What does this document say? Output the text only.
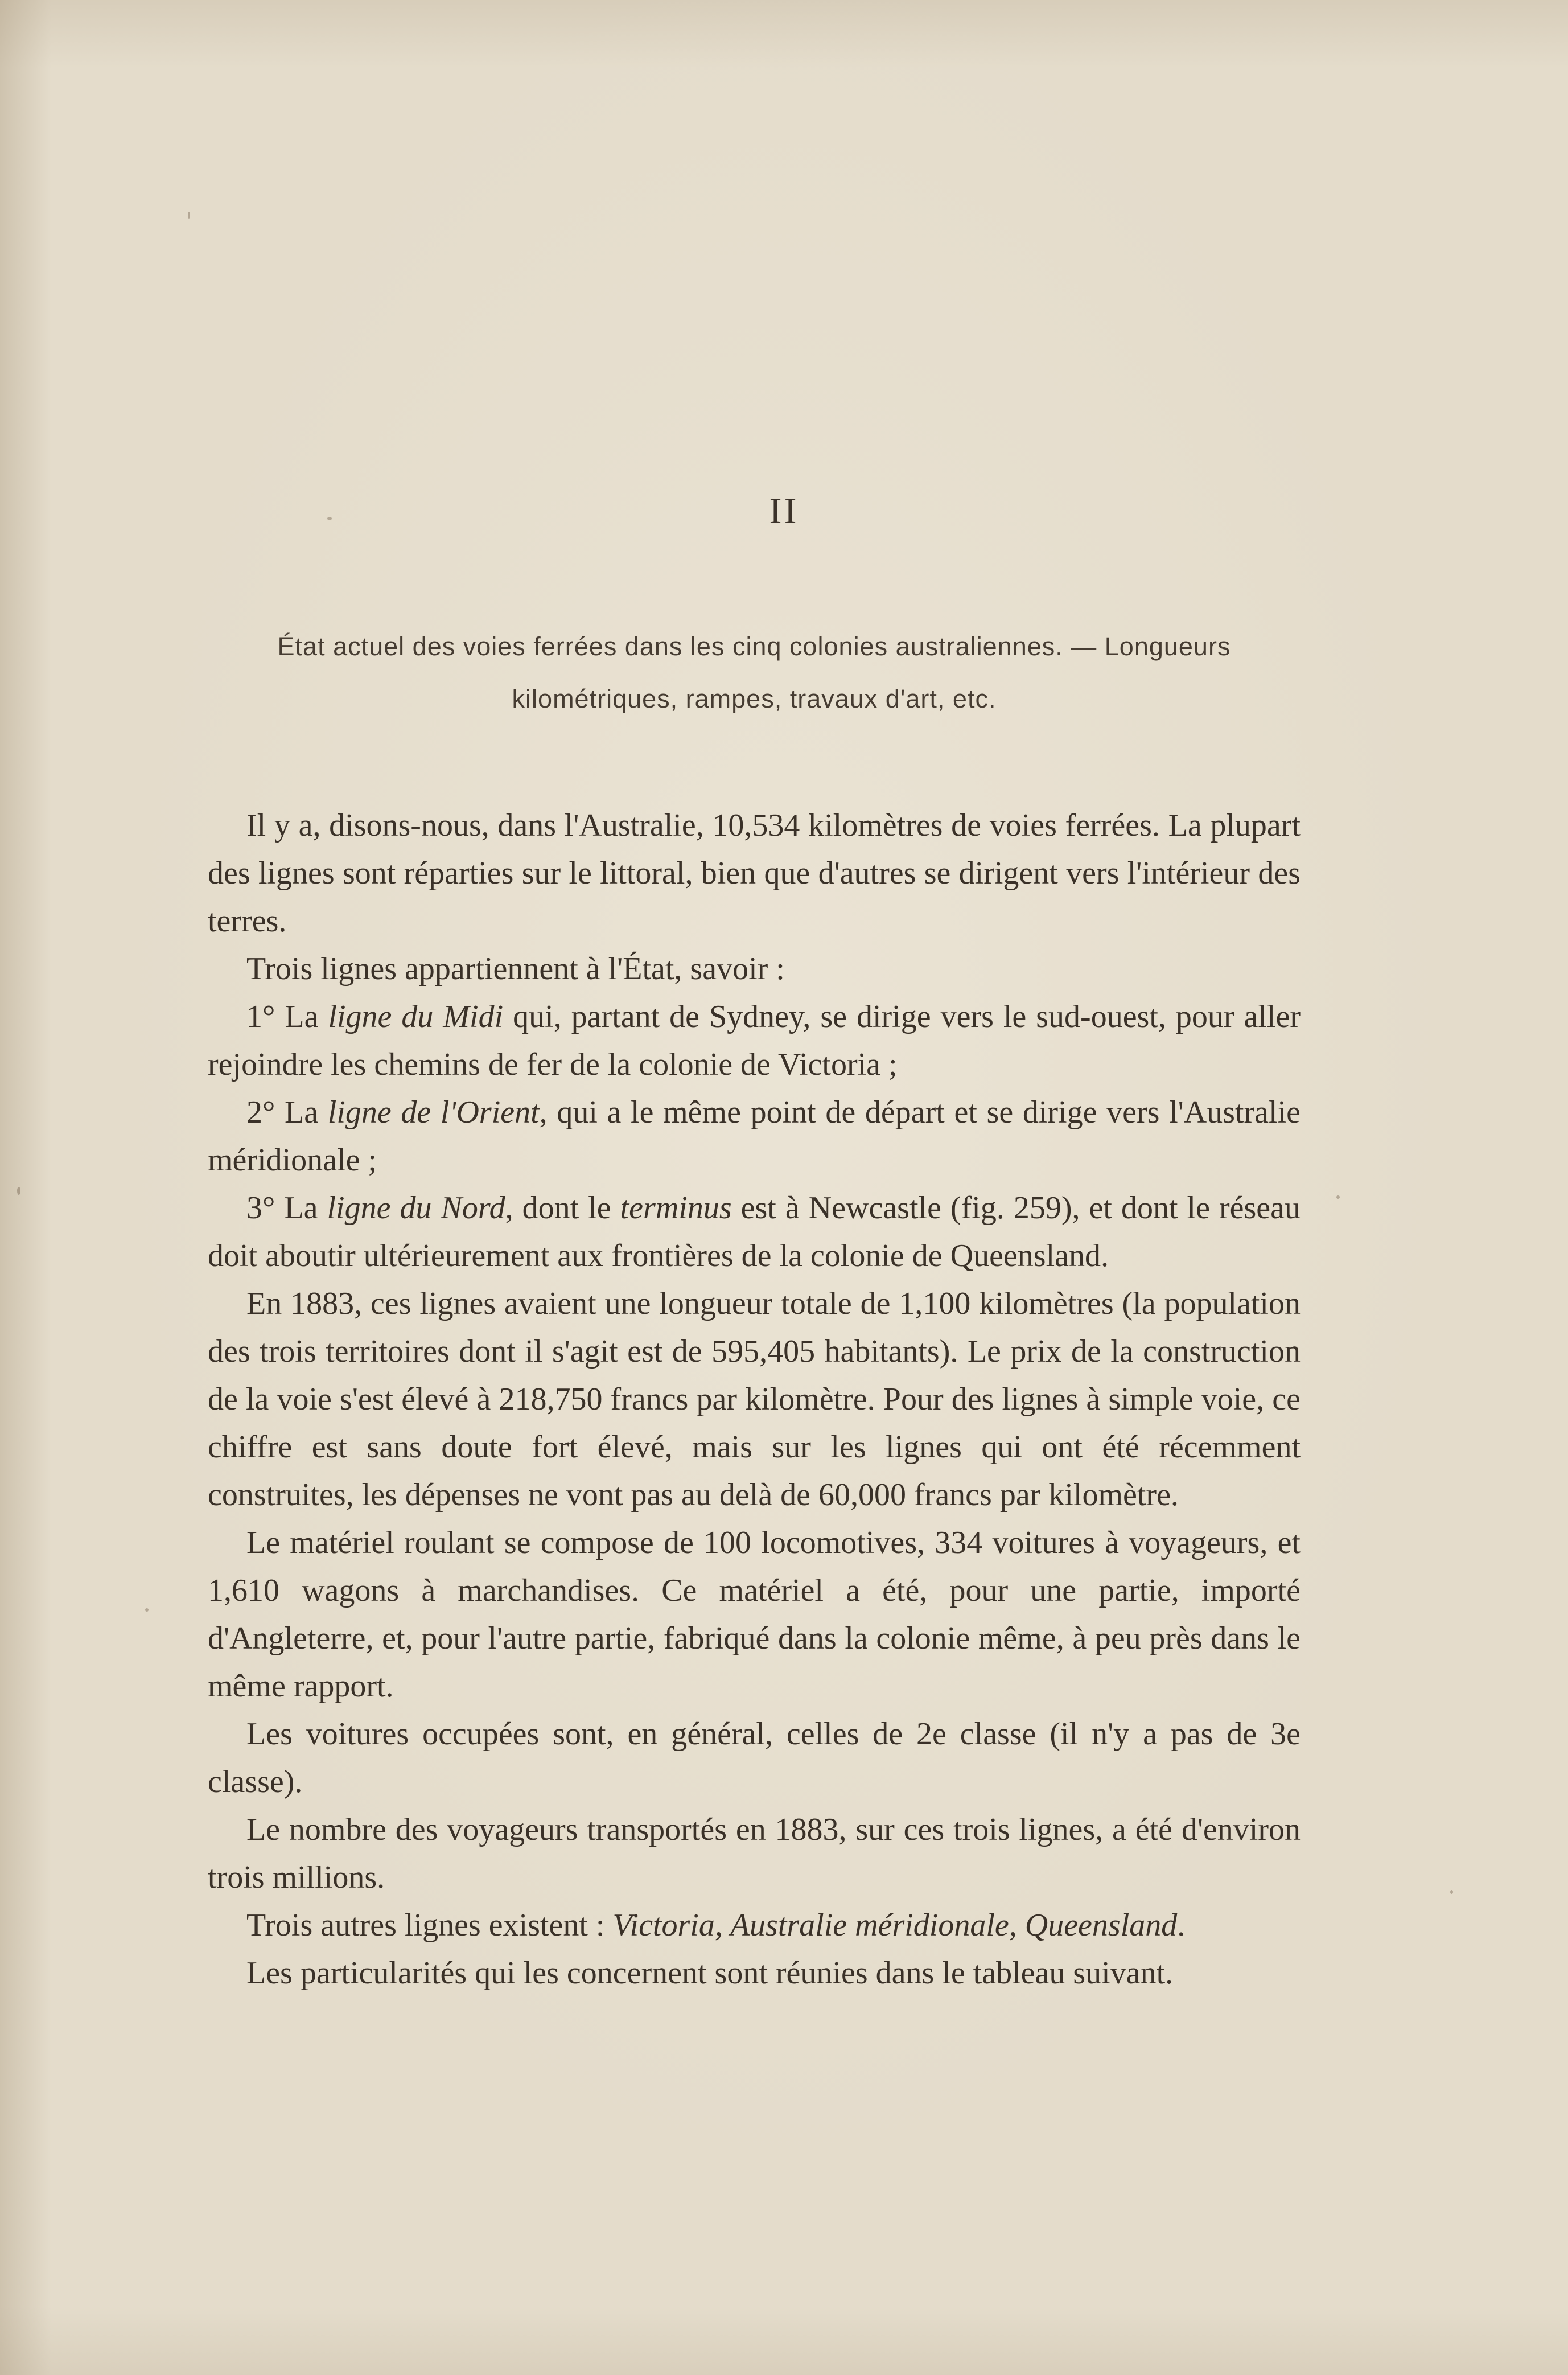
II
État actuel des voies ferrées dans les cinq colonies australiennes. — Longueurs
kilométriques, rampes, travaux d'art, etc.

Il y a, disons-nous, dans l'Australie, 10,534 kilomètres de voies ferrées. La plupart des lignes sont réparties sur le littoral, bien que d'autres se dirigent vers l'intérieur des terres.

Trois lignes appartiennent à l'État, savoir :

1° La ligne du Midi qui, partant de Sydney, se dirige vers le sud-ouest, pour aller rejoindre les chemins de fer de la colonie de Victoria ;

2° La ligne de l'Orient, qui a le même point de départ et se dirige vers l'Australie méridionale ;

3° La ligne du Nord, dont le terminus est à Newcastle (fig. 259), et dont le réseau doit aboutir ultérieurement aux frontières de la colonie de Queensland.

En 1883, ces lignes avaient une longueur totale de 1,100 kilomètres (la population des trois territoires dont il s'agit est de 595,405 habitants). Le prix de la construction de la voie s'est élevé à 218,750 francs par kilomètre. Pour des lignes à simple voie, ce chiffre est sans doute fort élevé, mais sur les lignes qui ont été récemment construites, les dépenses ne vont pas au delà de 60,000 francs par kilomètre.

Le matériel roulant se compose de 100 locomotives, 334 voitures à voyageurs, et 1,610 wagons à marchandises. Ce matériel a été, pour une partie, importé d'Angleterre, et, pour l'autre partie, fabriqué dans la colonie même, à peu près dans le même rapport.

Les voitures occupées sont, en général, celles de 2e classe (il n'y a pas de 3e classe).

Le nombre des voyageurs transportés en 1883, sur ces trois lignes, a été d'environ trois millions.

Trois autres lignes existent : Victoria, Australie méridionale, Queensland.

Les particularités qui les concernent sont réunies dans le tableau suivant.
